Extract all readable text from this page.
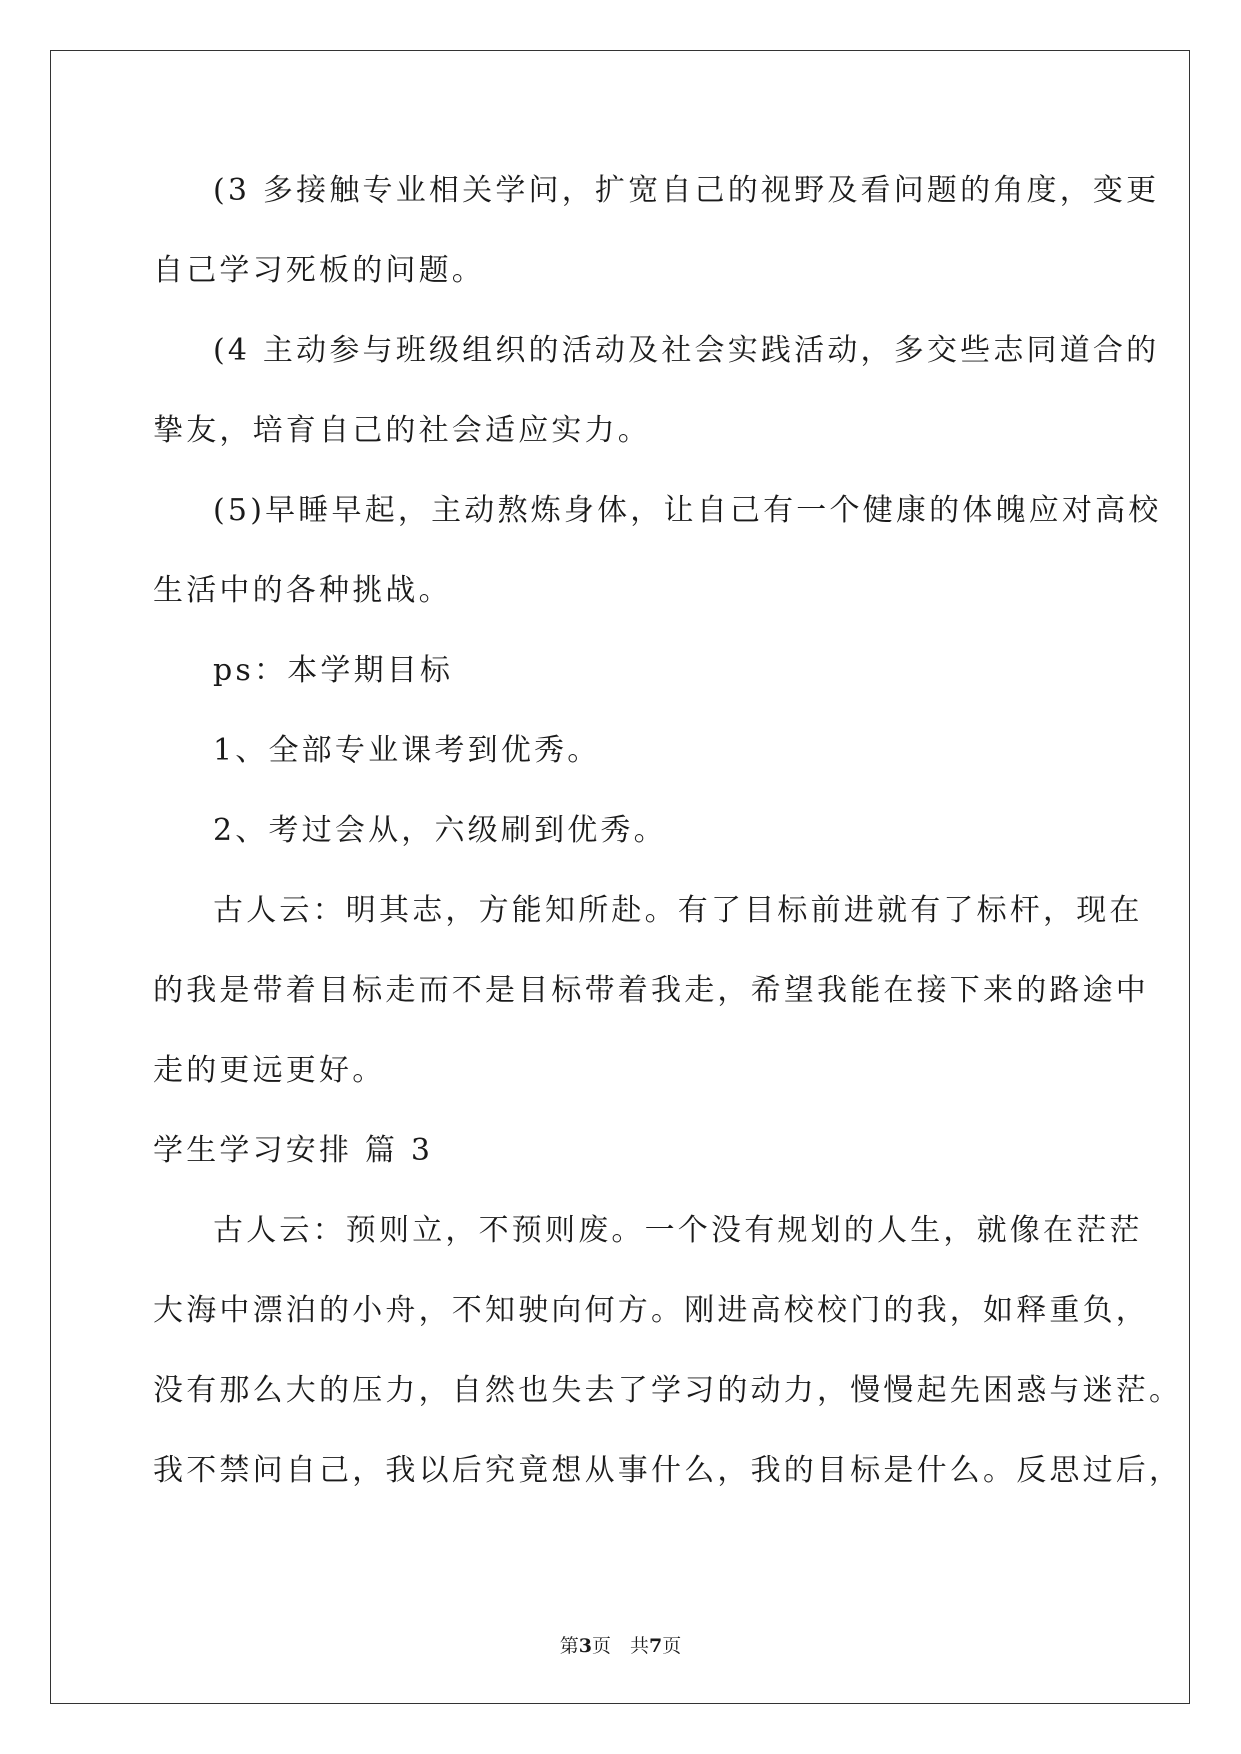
(3 多接触专业相关学问，扩宽自己的视野及看问题的角度，变更
自己学习死板的问题。
(4 主动参与班级组织的活动及社会实践活动，多交些志同道合的
挚友，培育自己的社会适应实力。
(5)早睡早起，主动熬炼身体，让自己有一个健康的体魄应对高校
生活中的各种挑战。
ps：本学期目标
1、全部专业课考到优秀。
2、考过会从，六级刷到优秀。
古人云：明其志，方能知所赴。有了目标前进就有了标杆，现在
的我是带着目标走而不是目标带着我走，希望我能在接下来的路途中
走的更远更好。
学生学习安排 篇 3
古人云：预则立，不预则废。一个没有规划的人生，就像在茫茫
大海中漂泊的小舟，不知驶向何方。刚进高校校门的我，如释重负，
没有那么大的压力，自然也失去了学习的动力，慢慢起先困惑与迷茫。
我不禁问自己，我以后究竟想从事什么，我的目标是什么。反思过后，
第3页　共7页
